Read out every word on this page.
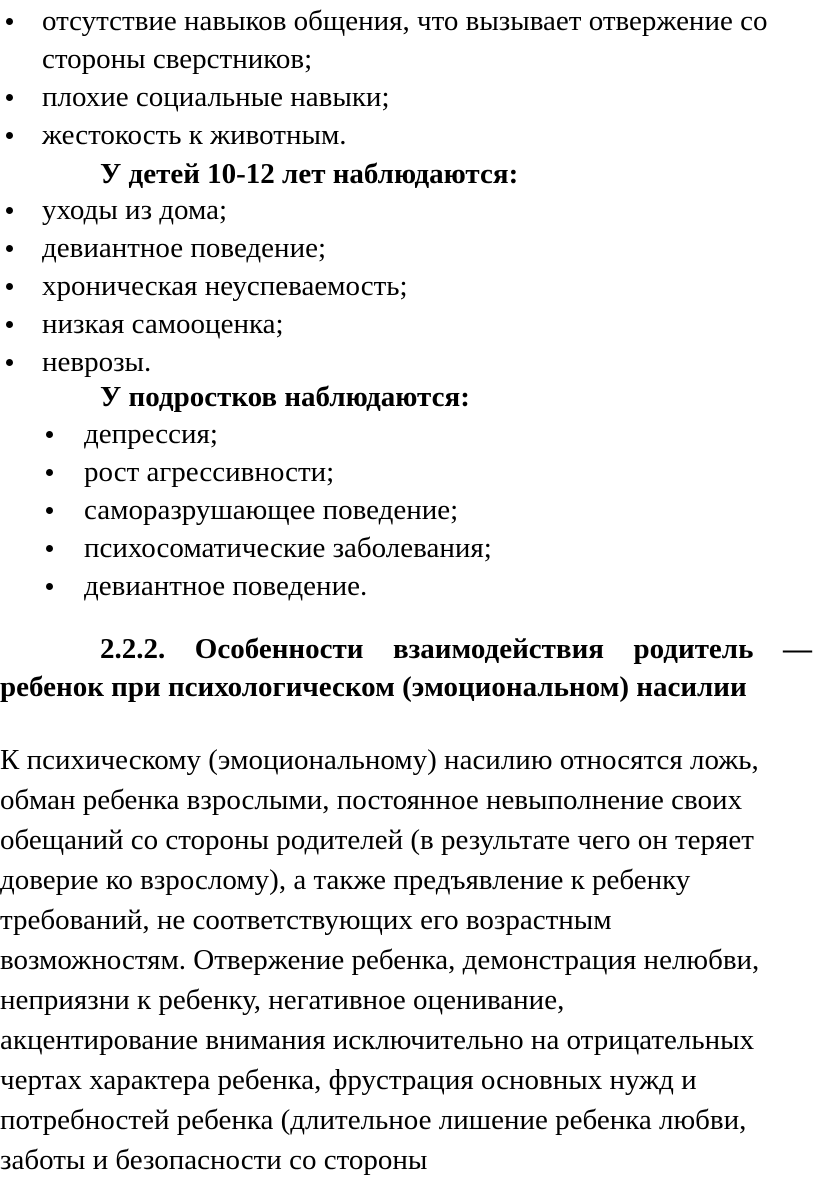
отсутствие навыков общения, что вызывает отвержение со стороны сверстников;
плохие социальные навыки;
жестокость к животным.
У детей 10-12 лет наблюдаются:
уходы из дома;
девиантное поведение;
хроническая неуспеваемость;
низкая самооценка;
неврозы.
У подростков наблюдаются:
депрессия;
рост агрессивности;
саморазрушающее поведение;
психосоматические заболевания;
девиантное поведение.
2.2.2. Особенности взаимодействия родитель —
ребенок при психологическом (эмоциональном) насилии
К психическому (эмоциональному) насилию относятся ложь,
обман ребенка взрослыми, постоянное невыполнение своих
обещаний со стороны родителей (в результате чего он теряет
доверие ко взрослому), а также предъявление к ребенку
требований, не соответствующих его возрастным
возможностям. Отвержение ребенка, демонстрация нелюбви,
неприязни к ребенку, негативное оценивание,
акцентирование внимания исключительно на отрицательных
чертах характера ребенка, фрустрация основных нужд и
потребностей ребенка (длительное лишение ребенка любви,
заботы и безопасности со стороны
